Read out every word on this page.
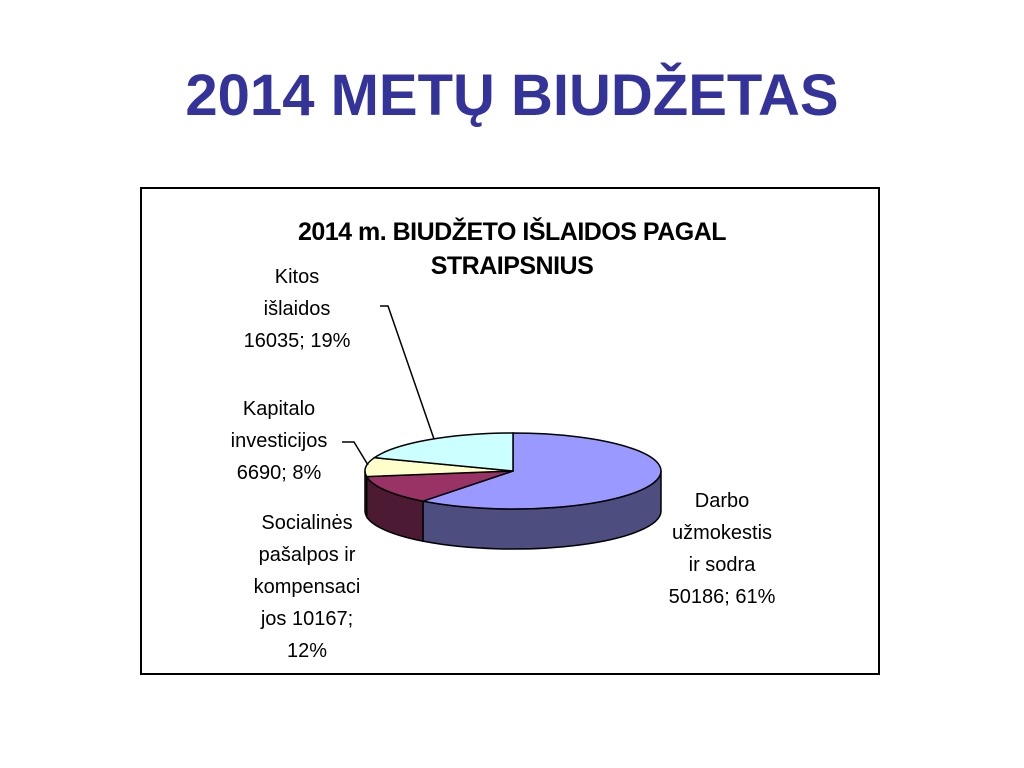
2014 METŲ BIUDŽETAS
2014 m. BIUDŽETO IŠLAIDOS PAGAL
STRAIPSNIUS
Darbo
užmokestis
ir sodra
50186; 61%
Socialinės
pašalpos ir
kompensaci
jos 10167;
12%
Kapitalo
investicijos
6690; 8%
Kitos
išlaidos
16035; 19%
